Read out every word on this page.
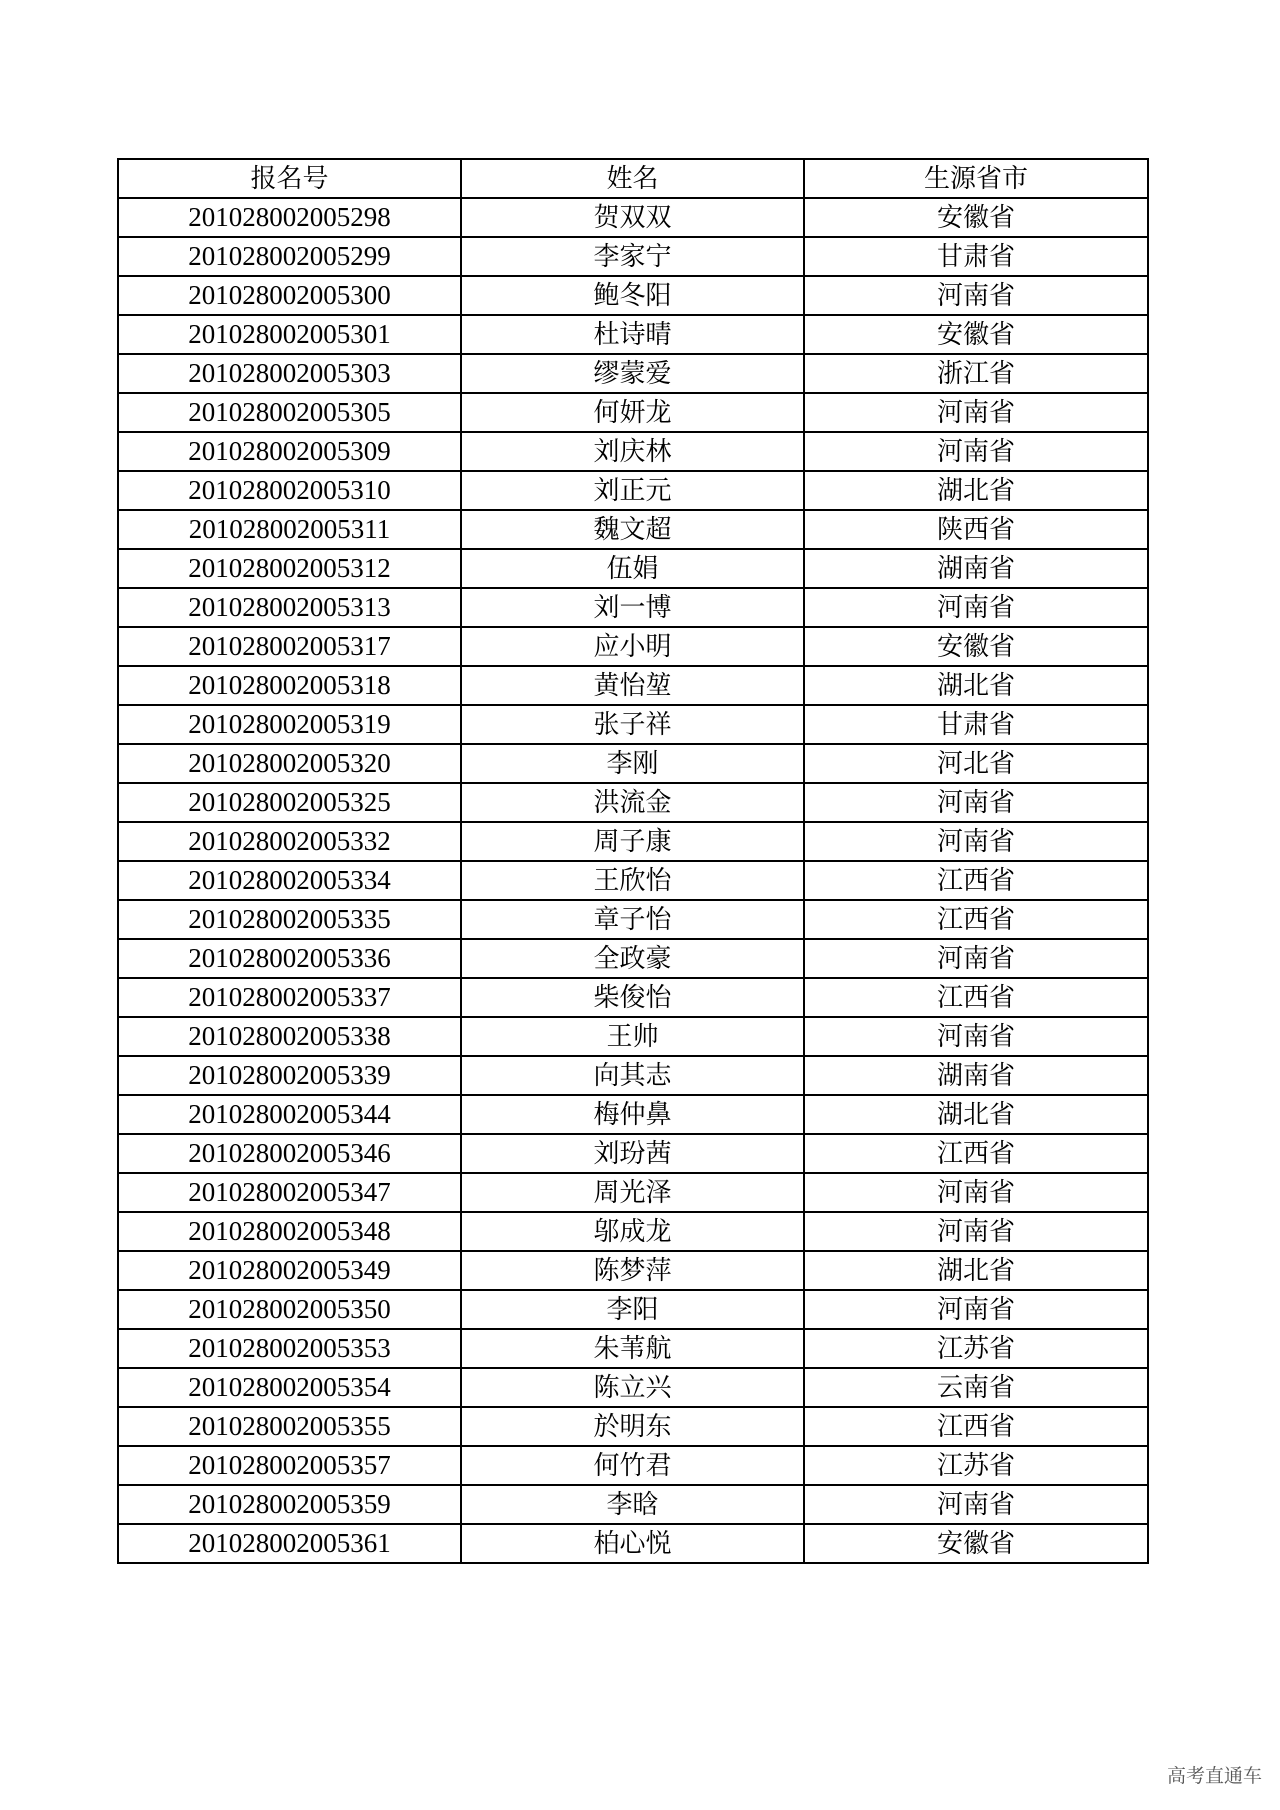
报名号	姓名	生源省市
201028002005298	贺双双	安徽省
201028002005299	李家宁	甘肃省
201028002005300	鲍冬阳	河南省
201028002005301	杜诗晴	安徽省
201028002005303	缪蒙爱	浙江省
201028002005305	何妍龙	河南省
201028002005309	刘庆林	河南省
201028002005310	刘正元	湖北省
201028002005311	魏文超	陕西省
201028002005312	伍娟	湖南省
201028002005313	刘一博	河南省
201028002005317	应小明	安徽省
201028002005318	黄怡堃	湖北省
201028002005319	张子祥	甘肃省
201028002005320	李刚	河北省
201028002005325	洪流金	河南省
201028002005332	周子康	河南省
201028002005334	王欣怡	江西省
201028002005335	章子怡	江西省
201028002005336	全政豪	河南省
201028002005337	柴俊怡	江西省
201028002005338	王帅	河南省
201028002005339	向其志	湖南省
201028002005344	梅仲鼻	湖北省
201028002005346	刘玢茜	江西省
201028002005347	周光泽	河南省
201028002005348	邬成龙	河南省
201028002005349	陈梦萍	湖北省
201028002005350	李阳	河南省
201028002005353	朱苇航	江苏省
201028002005354	陈立兴	云南省
201028002005355	於明东	江西省
201028002005357	何竹君	江苏省
201028002005359	李晗	河南省
201028002005361	柏心悦	安徽省
高考直通车
